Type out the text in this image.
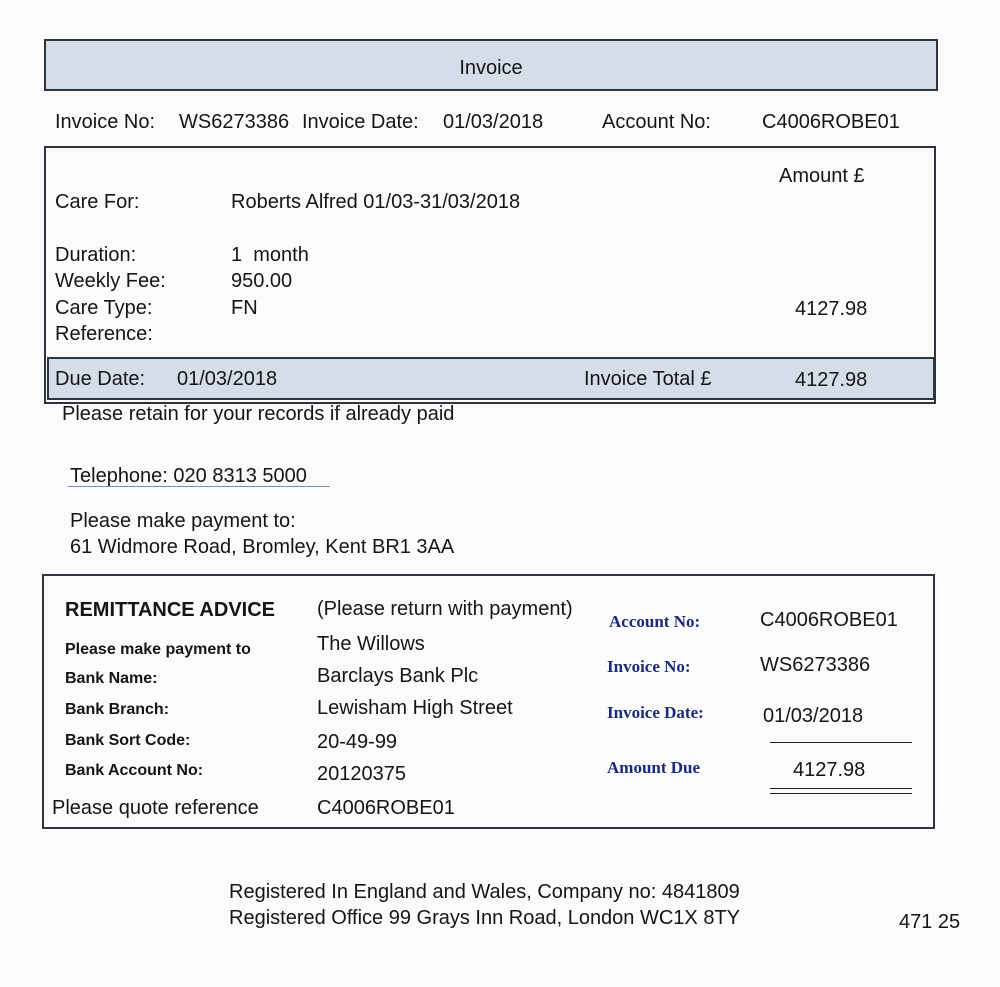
Invoice
Invoice No: WS6273386 Invoice Date: 01/03/2018	Account No:	C4006ROBE01
Amount £
Care For:	Roberts Alfred 01/03-31/03/2018
Duration:	1  month
Weekly Fee:	950.00
Care Type:	FN	4127.98
Reference:
Due Date: 01/03/2018	Invoice Total £	4127.98
Please retain for your records if already paid
Telephone: 020 8313 5000
Please make payment to:
61 Widmore Road, Bromley, Kent BR1 3AA
REMITTANCE ADVICE (Please return with payment)
Please make payment to	The Willows
Bank Name:	Barclays Bank Plc
Bank Branch:	Lewisham High Street
Bank Sort Code:	20-49-99
Bank Account No:	20120375
Please quote reference	C4006ROBE01
Account No:	C4006ROBE01
Invoice No:	WS6273386
Invoice Date:	01/03/2018
Amount Due	4127.98
Registered In England and Wales, Company no: 4841809
Registered Office 99 Grays Inn Road, London WC1X 8TY	471 25
